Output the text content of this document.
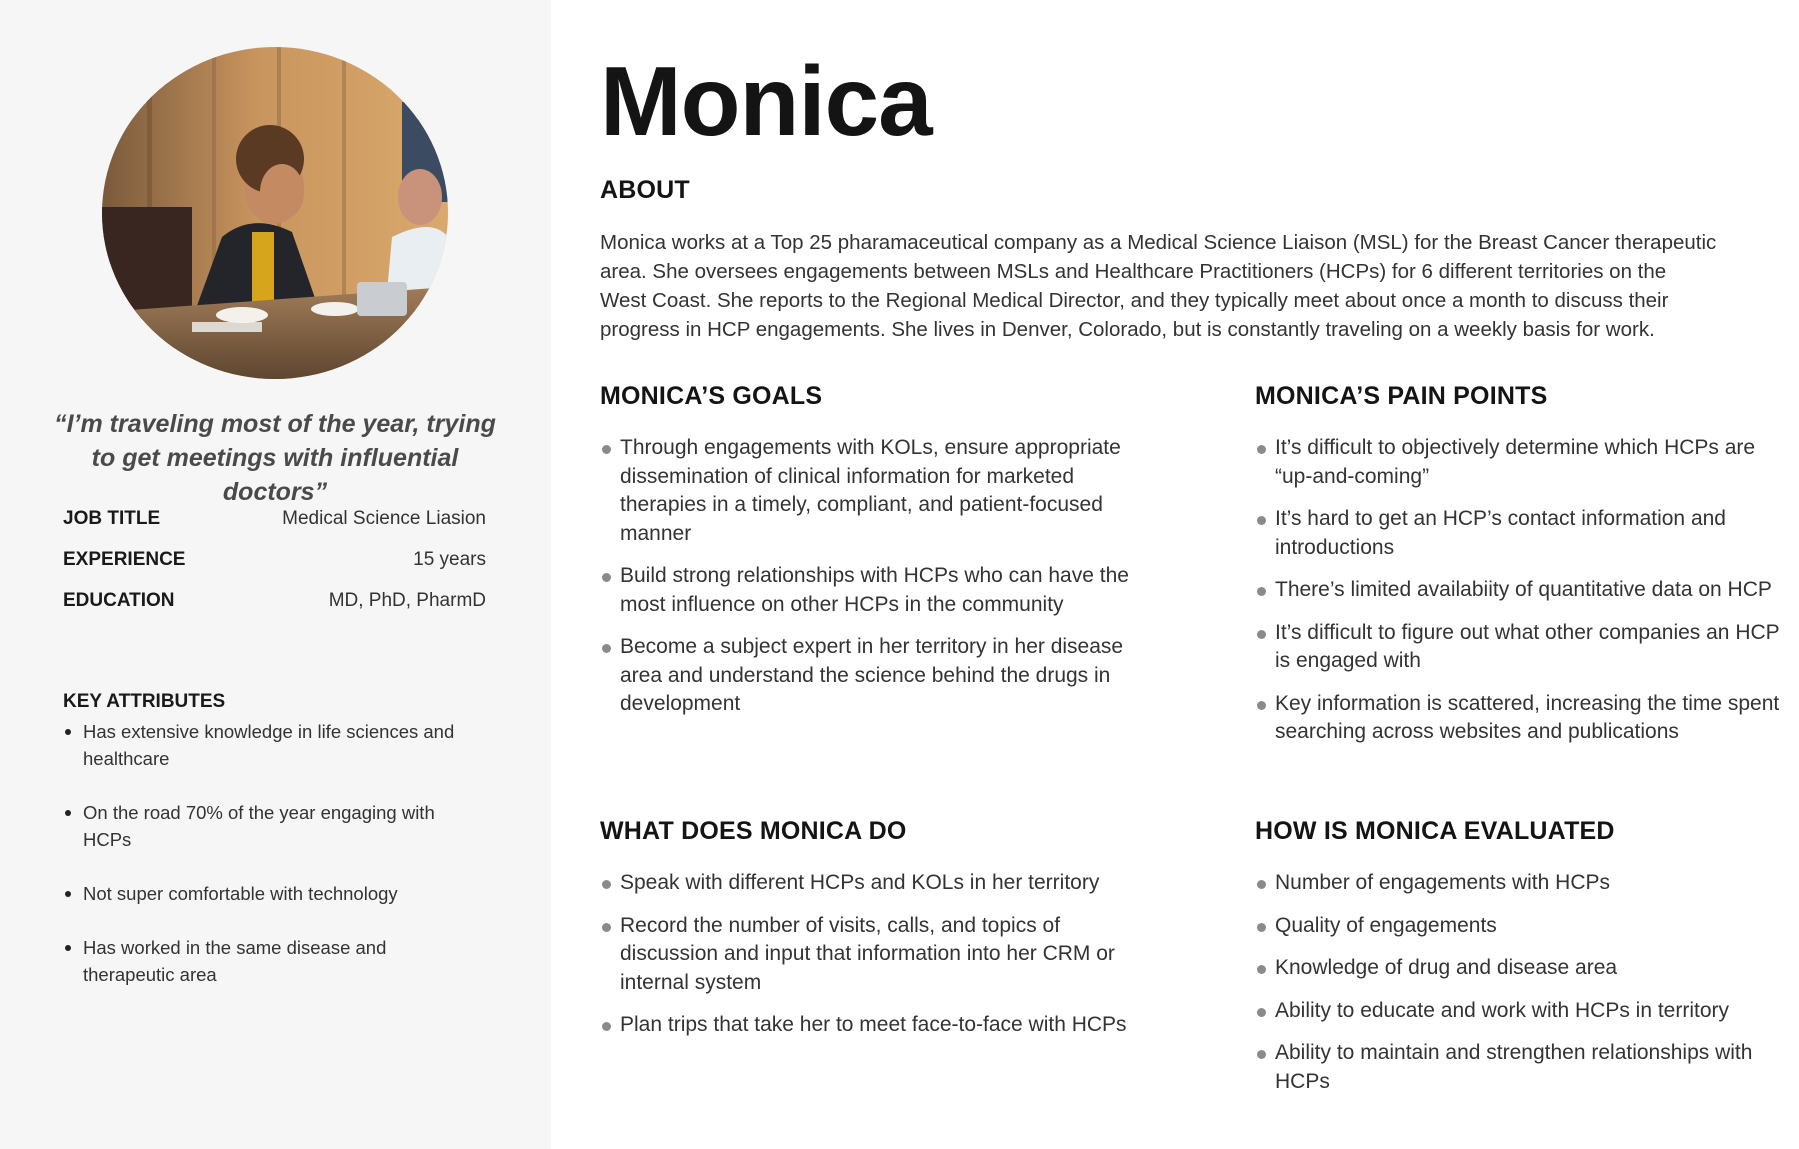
“I’m traveling most of the year, trying to get meetings with influential doctors”
JOB TITLE	Medical Science Liasion
EXPERIENCE	15 years
EDUCATION	MD, PhD, PharmD
KEY ATTRIBUTES
Has extensive knowledge in life sciences and healthcare
On the road 70% of the year engaging with HCPs
Not super comfortable with technology
Has worked in the same disease and therapeutic area
Monica
ABOUT
Monica works at a Top 25 pharamaceutical company as a Medical Science Liaison (MSL) for the Breast Cancer therapeutic
area. She oversees engagements between MSLs and Healthcare Practitioners (HCPs) for 6 different territories on the
West Coast. She reports to the Regional Medical Director, and they typically meet about once a month to discuss their
progress in HCP engagements. She lives in Denver, Colorado, but is constantly traveling on a weekly basis for work.
MONICA’S GOALS
Through engagements with KOLs, ensure appropriate dissemination of clinical information for marketed therapies in a timely, compliant, and patient-focused manner
Build strong relationships with HCPs who can have the most influence on other HCPs in the community
Become a subject expert in her territory in her disease area and understand the science behind the drugs in development
MONICA’S PAIN POINTS
It’s difficult to objectively determine which HCPs are “up-and-coming”
It’s hard to get an HCP’s contact information and introductions
There’s limited availabiity of quantitative data on HCP
It’s difficult to figure out what other companies an HCP is engaged with
Key information is scattered, increasing the time spent searching across websites and publications
WHAT DOES MONICA DO
Speak with different HCPs and KOLs in her territory
Record the number of visits, calls, and topics of discussion and input that information into her CRM or internal system
Plan trips that take her to meet face-to-face with HCPs
HOW IS MONICA EVALUATED
Number of engagements with HCPs
Quality of engagements
Knowledge of drug and disease area
Ability to educate and work with HCPs in territory
Ability to maintain and strengthen relationships with HCPs
